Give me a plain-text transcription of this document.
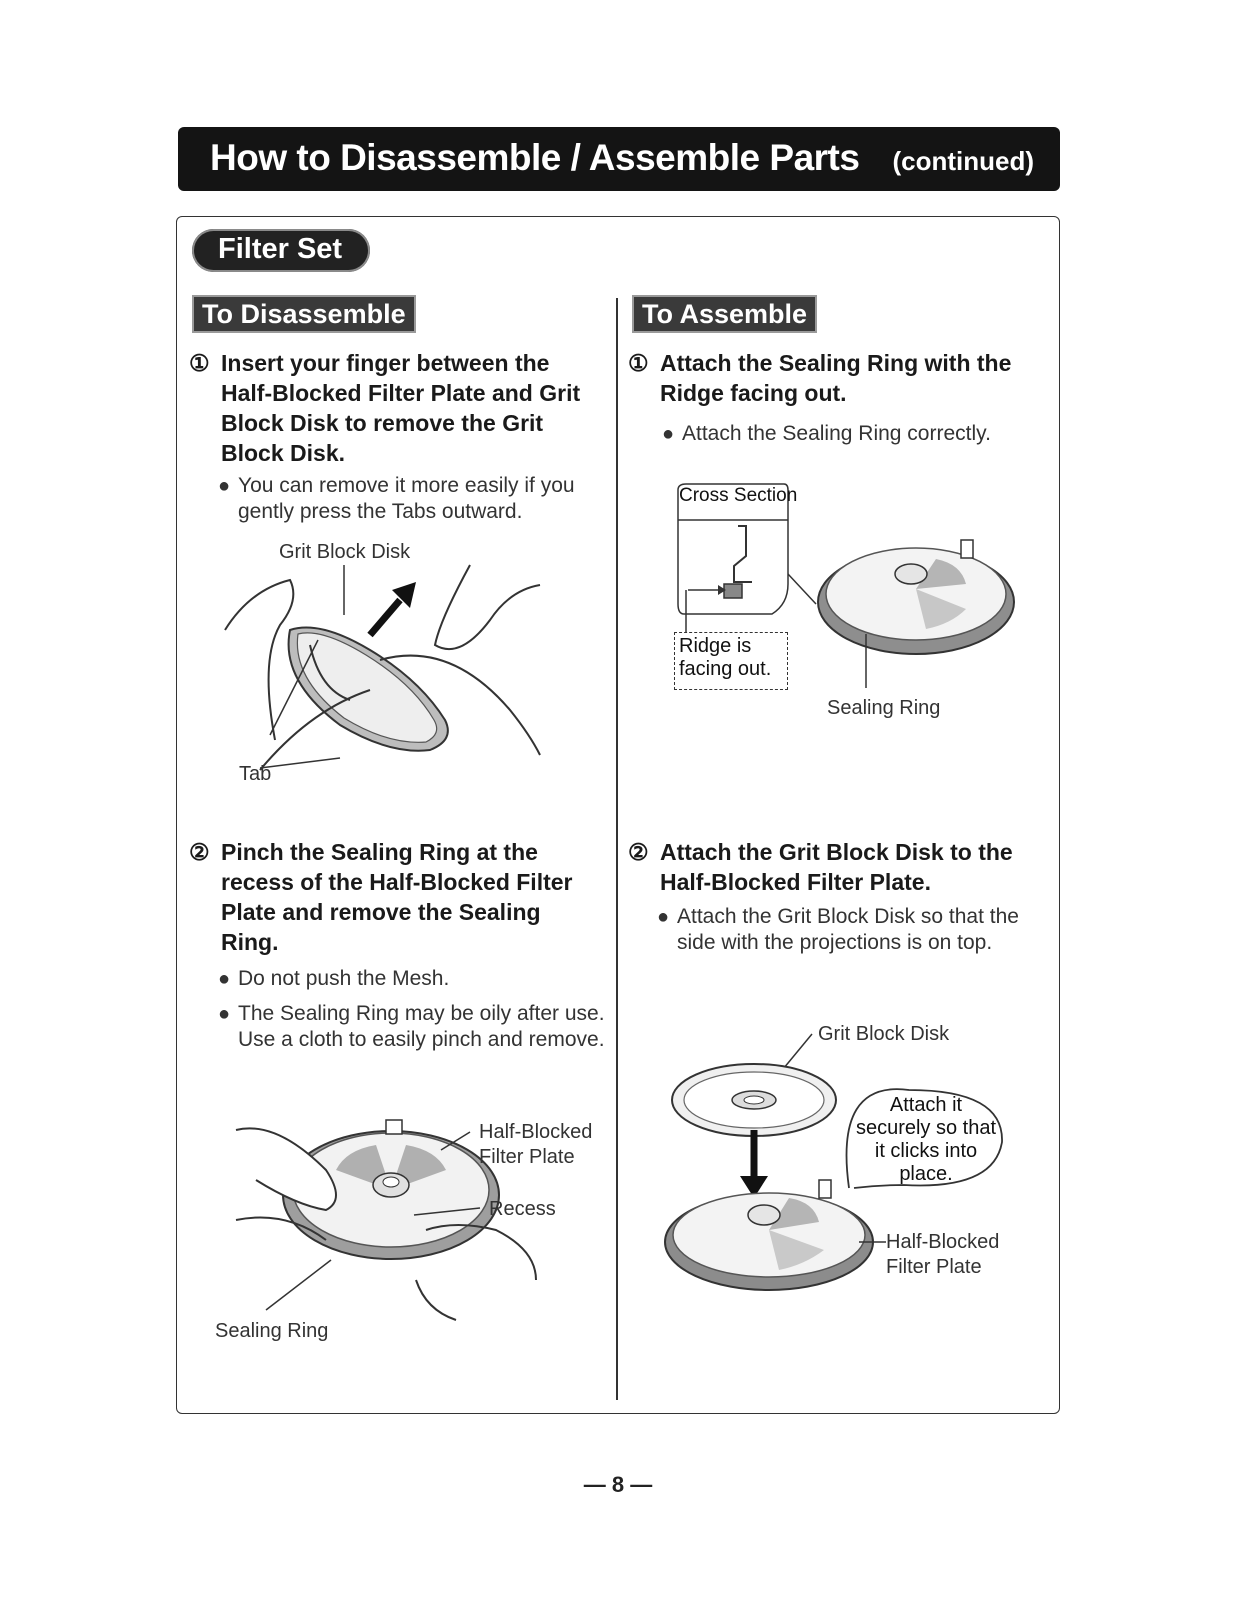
How to Disassemble / Assemble Parts (continued)
Filter Set
To Disassemble
① Insert your finger between the Half-Blocked Filter Plate and Grit Block Disk to remove the Grit Block Disk.
● You can remove it more easily if you gently press the Tabs outward.
Grit Block Disk
Tab
② Pinch the Sealing Ring at the recess of the Half-Blocked Filter Plate and remove the Sealing Ring.
● Do not push the Mesh.
● The Sealing Ring may be oily after use. Use a cloth to easily pinch and remove.
Half-Blocked
Filter Plate
Recess
Sealing Ring
To Assemble
① Attach the Sealing Ring with the Ridge facing out.
● Attach the Sealing Ring correctly.
Cross Section
Ridge is
facing out.
Sealing Ring
② Attach the Grit Block Disk to the Half-Blocked Filter Plate.
● Attach the Grit Block Disk so that the side with the projections is on top.
Grit Block Disk
Attach it
securely so that
it clicks into
place.
Half-Blocked
Filter Plate
— 8 —
